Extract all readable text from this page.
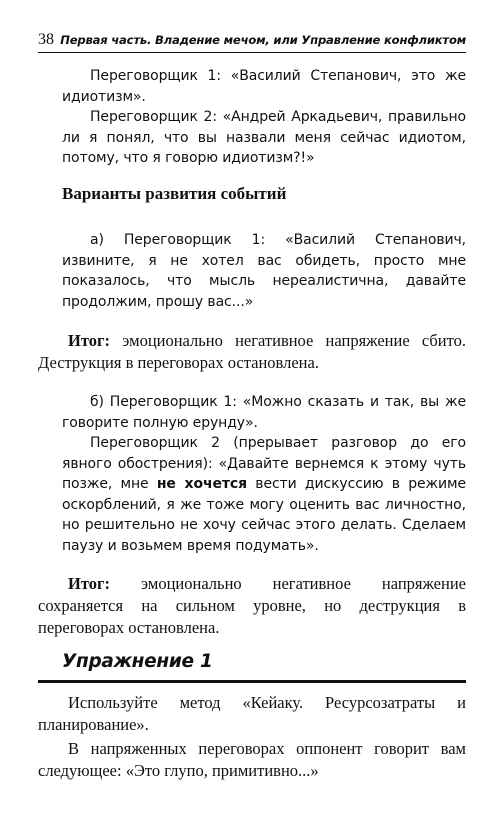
38 Первая часть. Владение мечом, или Управление конфликтом
Переговорщик 1: «Василий Степанович, это же идиотизм».
Переговорщик 2: «Андрей Аркадьевич, правильно ли я понял, что вы назвали меня сейчас идиотом, потому, что я говорю идиотизм?!»
Варианты развития событий
а) Переговорщик 1: «Василий Степанович, извините, я не хотел вас обидеть, просто мне показалось, что мысль нереалистична, давайте продолжим, прошу вас...»
Итог: эмоционально негативное напряжение сбито. Деструкция в переговорах остановлена.
б) Переговорщик 1: «Можно сказать и так, вы же говорите полную ерунду».
Переговорщик 2 (прерывает разговор до его явного обострения): «Давайте вернемся к этому чуть позже, мне не хочется вести дискуссию в режиме оскорблений, я же тоже могу оценить вас личностно, но решительно не хочу сейчас этого делать. Сделаем паузу и возьмем время подумать».
Итог: эмоционально негативное напряжение сохраняется на сильном уровне, но деструкция в переговорах остановлена.
Упражнение 1
Используйте метод «Кейаку. Ресурсозатраты и планирование».
В напряженных переговорах оппонент говорит вам следующее: «Это глупо, примитивно...»
